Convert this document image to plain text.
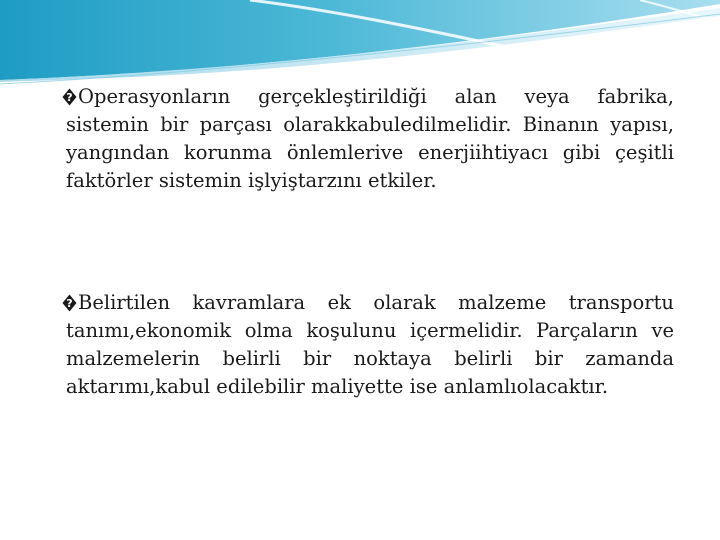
? Operasyonların gerçekleştirildiği alan veya fabrika, sistemin bir parçası olarakkabuledilmelidir. Binanın yapısı, yangından korunma önlemlerive enerjiihtiyacı gibi çeşitli faktörler sistemin işlyiştarzını etkiler.
? Belirtilen kavramlara ek olarak malzeme transportu tanımı,ekonomik olma koşulunu içermelidir. Parçaların ve malzemelerin belirli bir noktaya belirli bir zamanda aktarımı,kabul edilebilir maliyette ise anlamlıolacaktır.
